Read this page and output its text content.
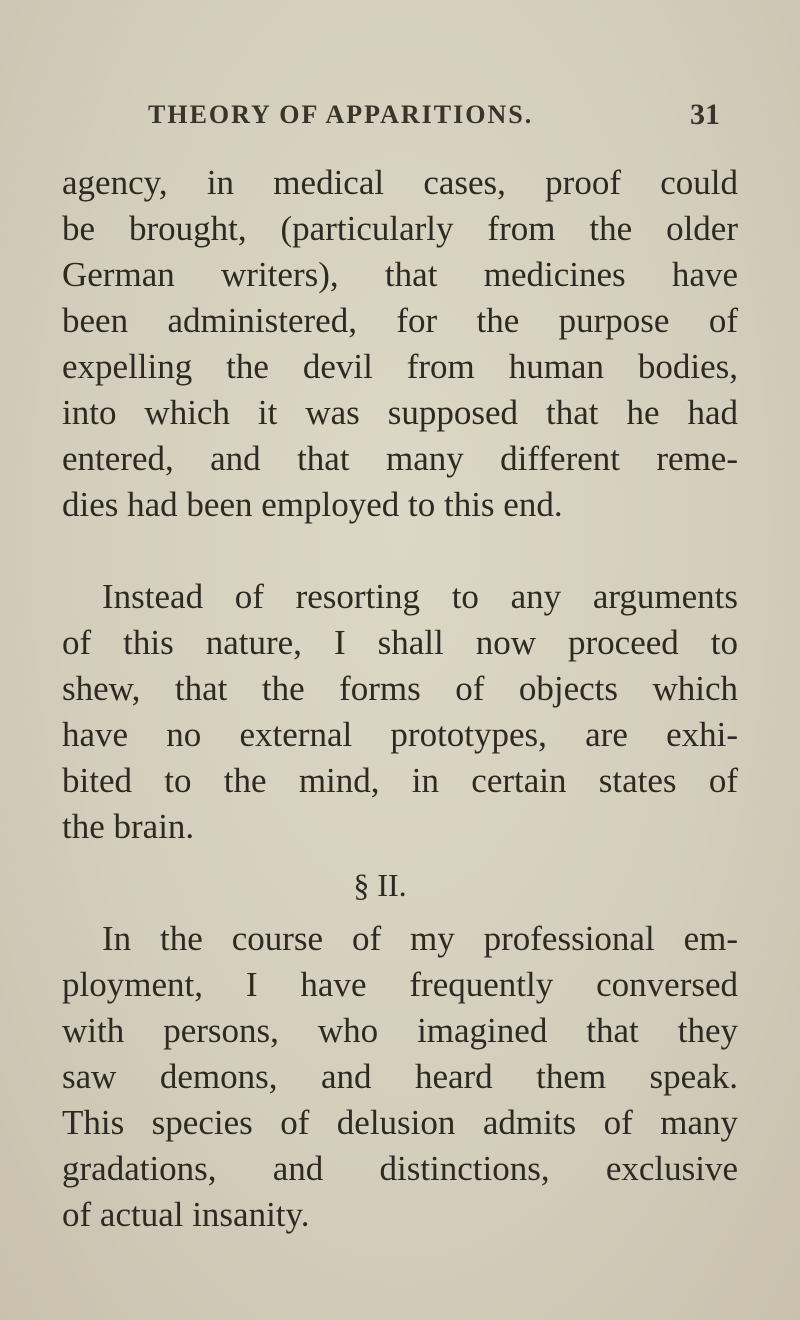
THEORY OF APPARITIONS.	31
agency, in medical cases, proof could
be brought, (particularly from the older
German writers), that medicines have
been administered, for the purpose of
expelling the devil from human bodies,
into which it was supposed that he had
entered, and that many different reme-
dies had been employed to this end.
Instead of resorting to any arguments
of this nature, I shall now proceed to
shew, that the forms of objects which
have no external prototypes, are exhi-
bited to the mind, in certain states of
the brain.
§ II.
In the course of my professional em-
ployment, I have frequently conversed
with persons, who imagined that they
saw demons, and heard them speak.
This species of delusion admits of many
gradations, and distinctions, exclusive
of actual insanity.
